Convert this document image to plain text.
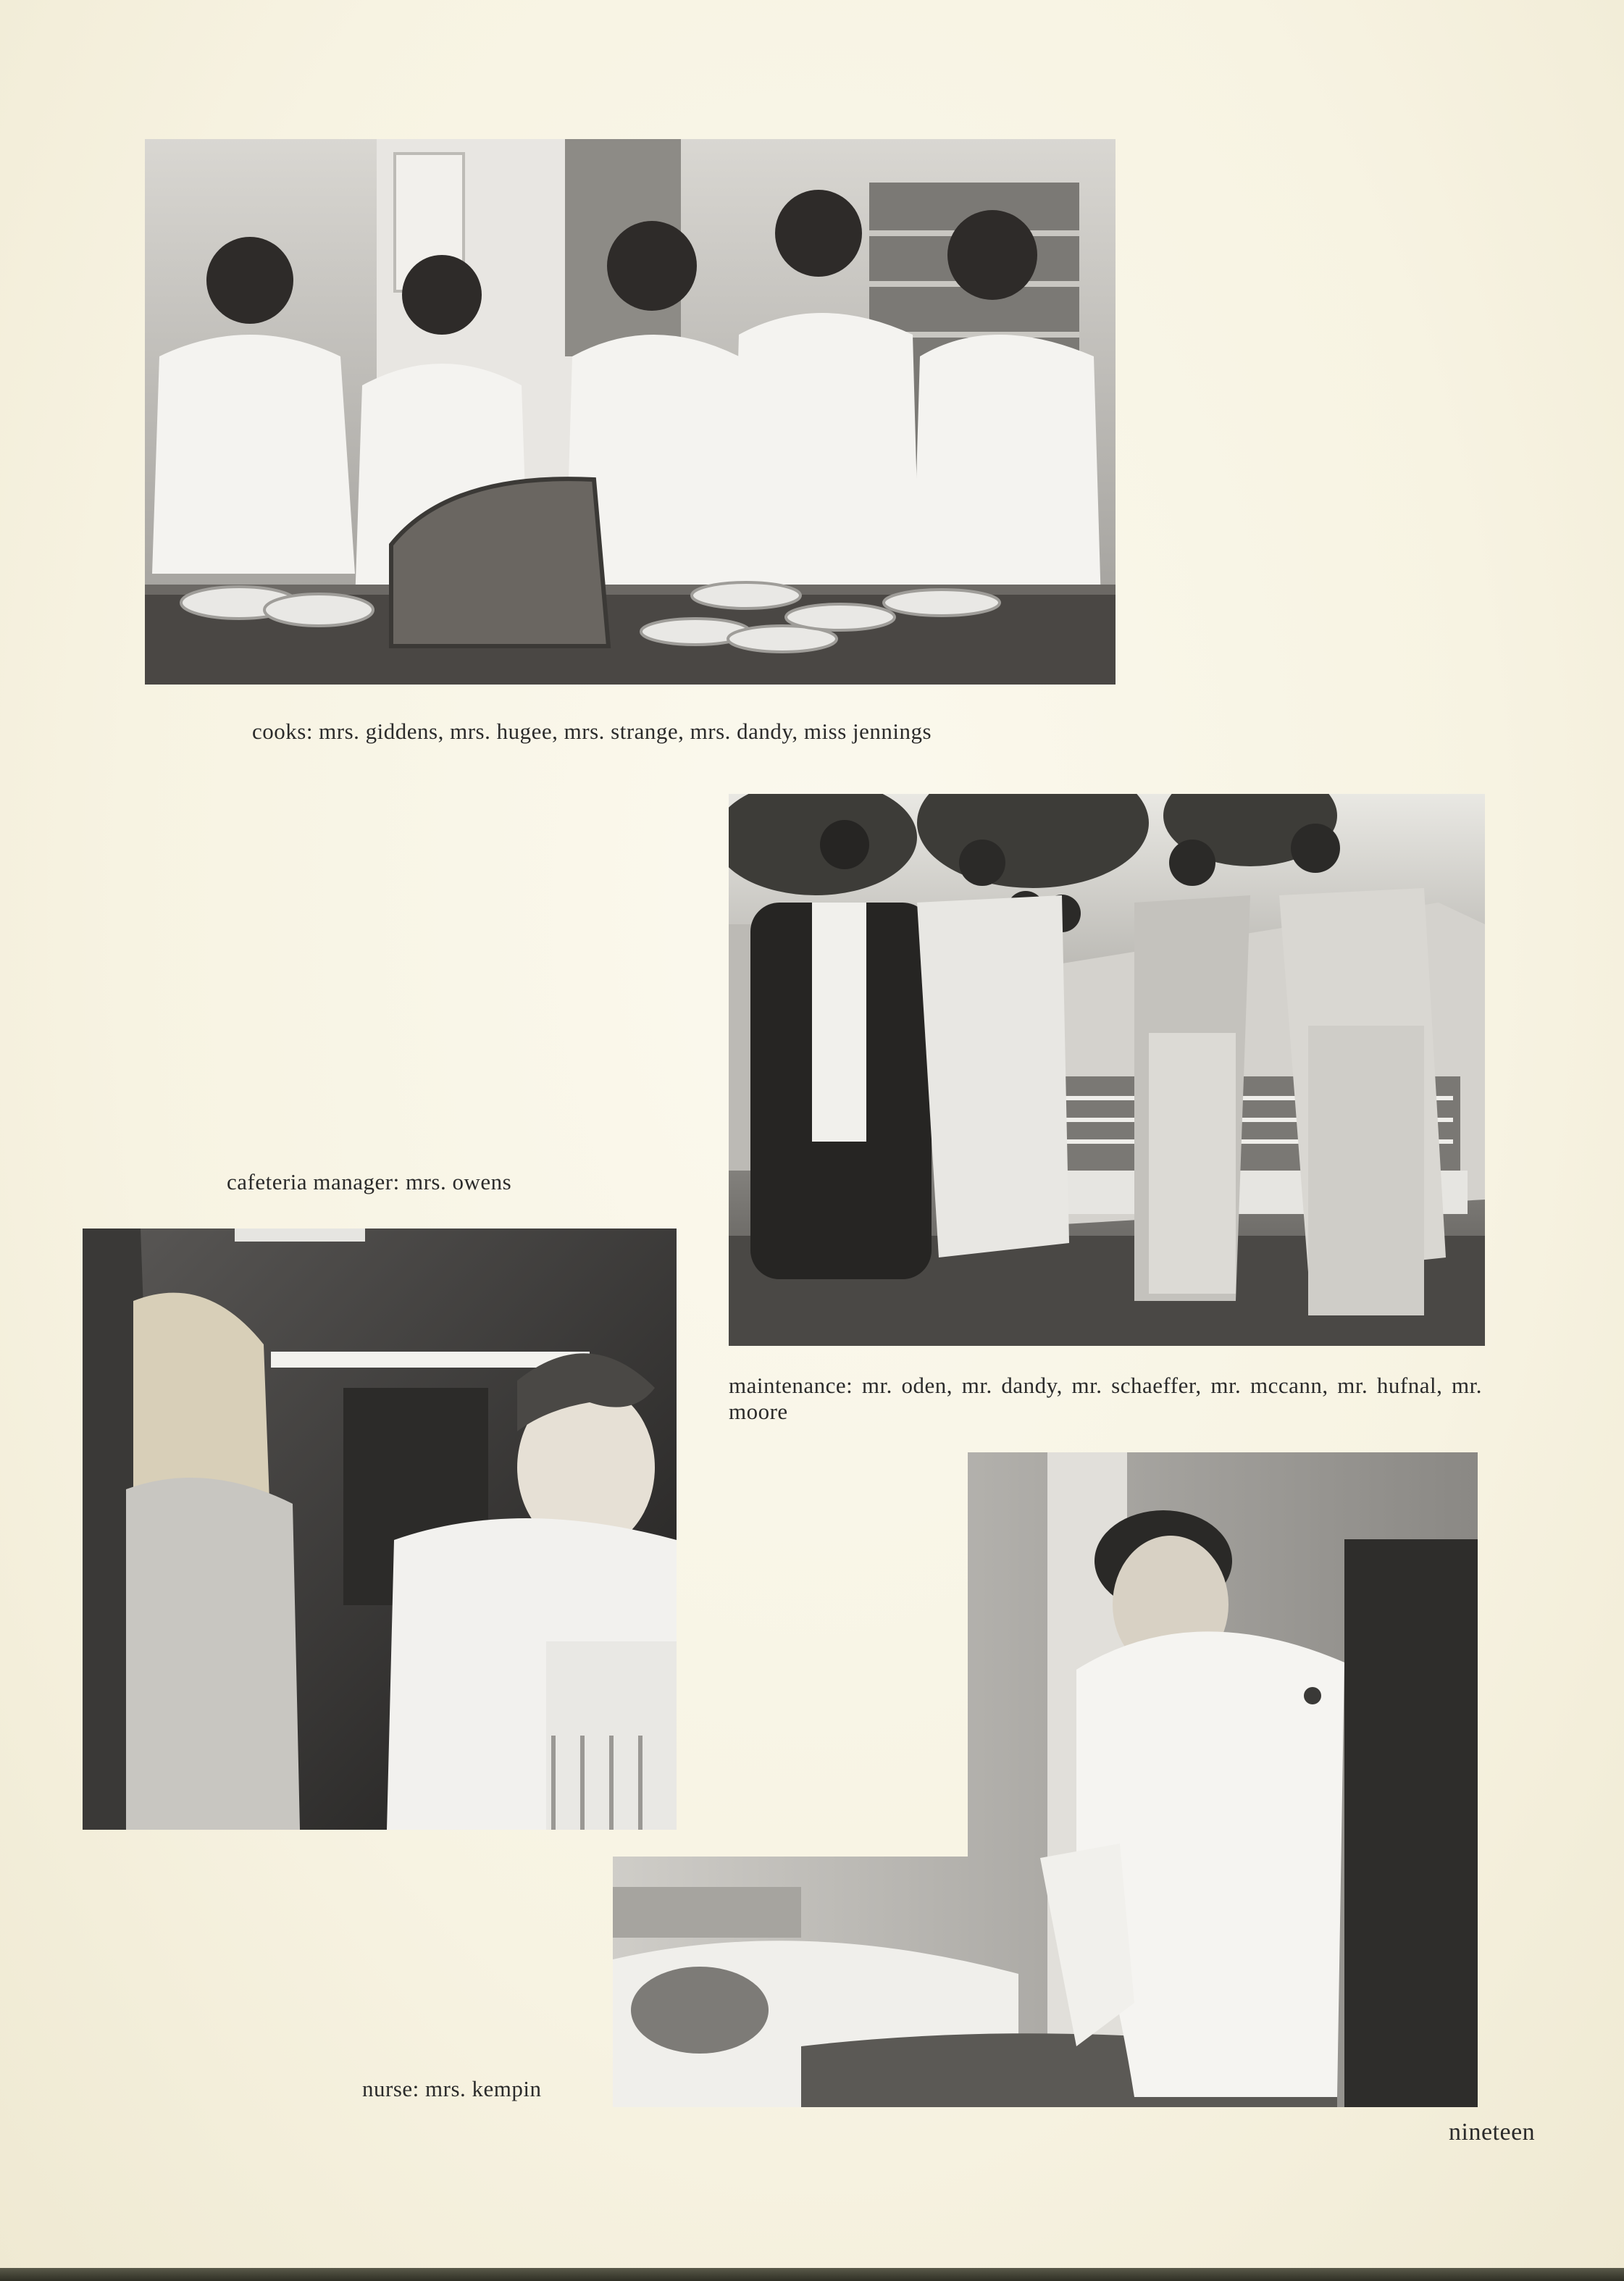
cooks: mrs. giddens, mrs. hugee, mrs. strange, mrs. dandy, miss jennings
cafeteria manager: mrs. owens
maintenance: mr. oden, mr. dandy, mr. schaeffer, mr. mccann, mr. hufnal, mr. moore
nurse: mrs. kempin
nineteen
